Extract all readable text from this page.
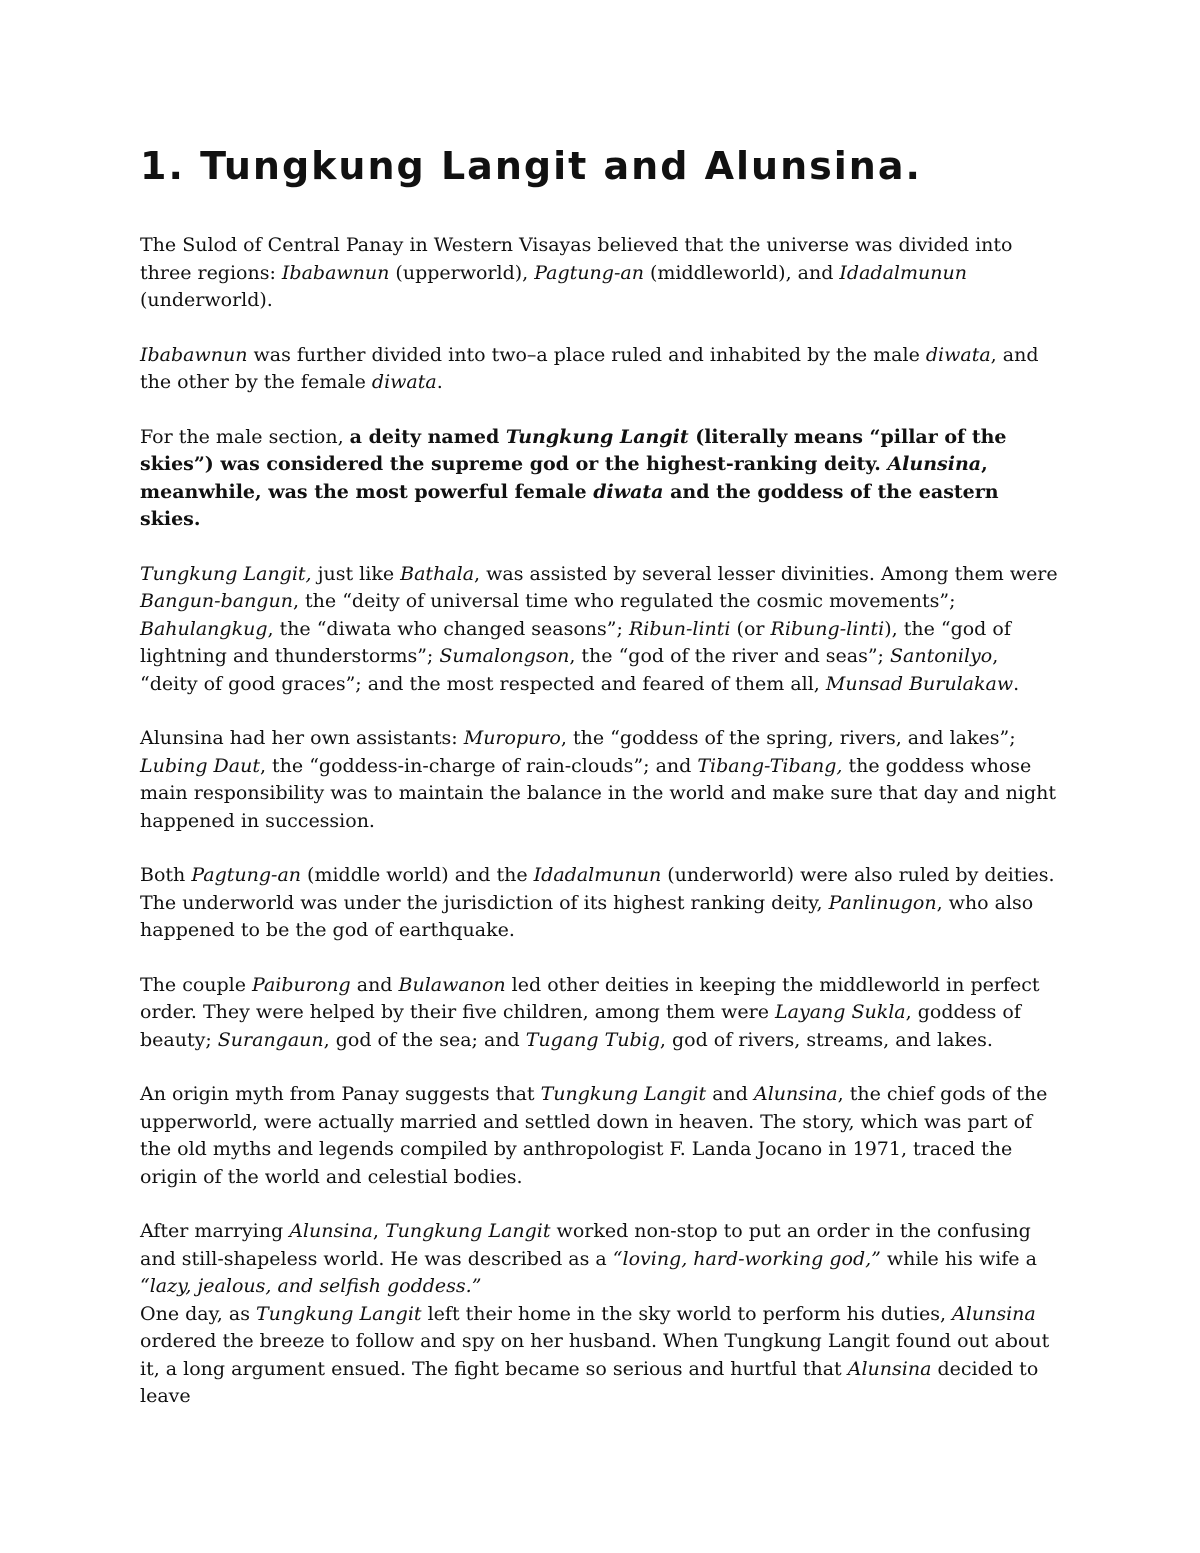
1. Tungkung Langit and Alunsina.

The Sulod of Central Panay in Western Visayas believed that the universe was divided into three regions: Ibabawnun (upperworld), Pagtung-an (middleworld), and Idadalmunun (underworld).

Ibabawnun was further divided into two–a place ruled and inhabited by the male diwata, and the other by the female diwata.

For the male section, a deity named Tungkung Langit (literally means “pillar of the skies”) was considered the supreme god or the highest-ranking deity. Alunsina, meanwhile, was the most powerful female diwata and the goddess of the eastern skies.

Tungkung Langit, just like Bathala, was assisted by several lesser divinities. Among them were Bangun-bangun, the “deity of universal time who regulated the cosmic movements”; Bahulangkug, the “diwata who changed seasons”; Ribun-linti (or Ribung-linti), the “god of lightning and thunderstorms”; Sumalongson, the “god of the river and seas”; Santonilyo, “deity of good graces”; and the most respected and feared of them all, Munsad Burulakaw.

Alunsina had her own assistants: Muropuro, the “goddess of the spring, rivers, and lakes”; Lubing Daut, the “goddess-in-charge of rain-clouds”; and Tibang-Tibang, the goddess whose main responsibility was to maintain the balance in the world and make sure that day and night happened in succession.

Both Pagtung-an (middle world) and the Idadalmunun (underworld) were also ruled by deities. The underworld was under the jurisdiction of its highest ranking deity, Panlinugon, who also happened to be the god of earthquake.

The couple Paiburong and Bulawanon led other deities in keeping the middleworld in perfect order. They were helped by their five children, among them were Layang Sukla, goddess of beauty; Surangaun, god of the sea; and Tugang Tubig, god of rivers, streams, and lakes.

An origin myth from Panay suggests that Tungkung Langit and Alunsina, the chief gods of the upperworld, were actually married and settled down in heaven. The story, which was part of the old myths and legends compiled by anthropologist F. Landa Jocano in 1971, traced the origin of the world and celestial bodies.

After marrying Alunsina, Tungkung Langit worked non-stop to put an order in the confusing and still-shapeless world. He was described as a “loving, hard-working god,” while his wife a “lazy, jealous, and selfish goddess.”

One day, as Tungkung Langit left their home in the sky world to perform his duties, Alunsina ordered the breeze to follow and spy on her husband. When Tungkung Langit found out about it, a long argument ensued. The fight became so serious and hurtful that Alunsina decided to leave
